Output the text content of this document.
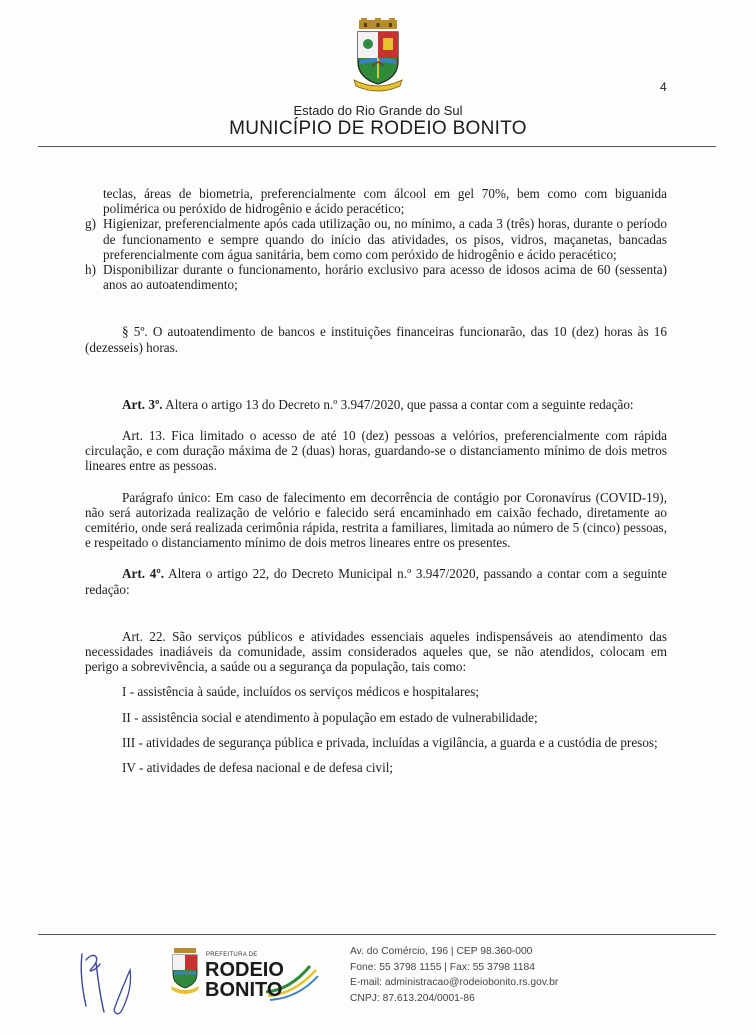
4
Estado do Rio Grande do Sul
MUNICÍPIO DE RODEIO BONITO

teclas, áreas de biometria, preferencialmente com álcool em gel 70%, bem como com biguanida polimérica ou peróxido de hidrogênio e ácido peracético;

g) Higienizar, preferencialmente após cada utilização ou, no mínimo, a cada 3 (três) horas, durante o período de funcionamento e sempre quando do início das atividades, os pisos, vidros, maçanetas, bancadas preferencialmente com água sanitária, bem como com peróxido de hidrogênio e ácido peracético;
h) Disponibilizar durante o funcionamento, horário exclusivo para acesso de idosos acima de 60 (sessenta) anos ao autoatendimento;

§ 5º. O autoatendimento de bancos e instituições financeiras funcionarão, das 10 (dez) horas às 16 (dezesseis) horas.

Art. 3º. Altera o artigo 13 do Decreto n.º 3.947/2020, que passa a contar com a seguinte redação:

Art. 13. Fica limitado o acesso de até 10 (dez) pessoas a velórios, preferencialmente com rápida circulação, e com duração máxima de 2 (duas) horas, guardando-se o distanciamento mínimo de dois metros lineares entre as pessoas.

Parágrafo único: Em caso de falecimento em decorrência de contágio por Coronavírus (COVID-19), não será autorizada realização de velório e falecido será encaminhado em caixão fechado, diretamente ao cemitério, onde será realizada cerimônia rápida, restrita a familiares, limitada ao número de 5 (cinco) pessoas, e respeitado o distanciamento mínimo de dois metros lineares entre os presentes.

Art. 4º. Altera o artigo 22, do Decreto Municipal n.º 3.947/2020, passando a contar com a seguinte redação:

Art. 22. São serviços públicos e atividades essenciais aqueles indispensáveis ao atendimento das necessidades inadiáveis da comunidade, assim considerados aqueles que, se não atendidos, colocam em perigo a sobrevivência, a saúde ou a segurança da população, tais como:

I - assistência à saúde, incluídos os serviços médicos e hospitalares;

II - assistência social e atendimento à população em estado de vulnerabilidade;

III - atividades de segurança pública e privada, incluídas a vigilância, a guarda e a custódia de presos;

IV - atividades de defesa nacional e de defesa civil;

PREFEITURA DE
RODEIO
BONITO
Av. do Comércio, 196 | CEP 98.360-000
Fone: 55 3798 1155 | Fax: 55 3798 1184
E-mail: administracao@rodeiobonito.rs.gov.br
CNPJ: 87.613.204/0001-86
